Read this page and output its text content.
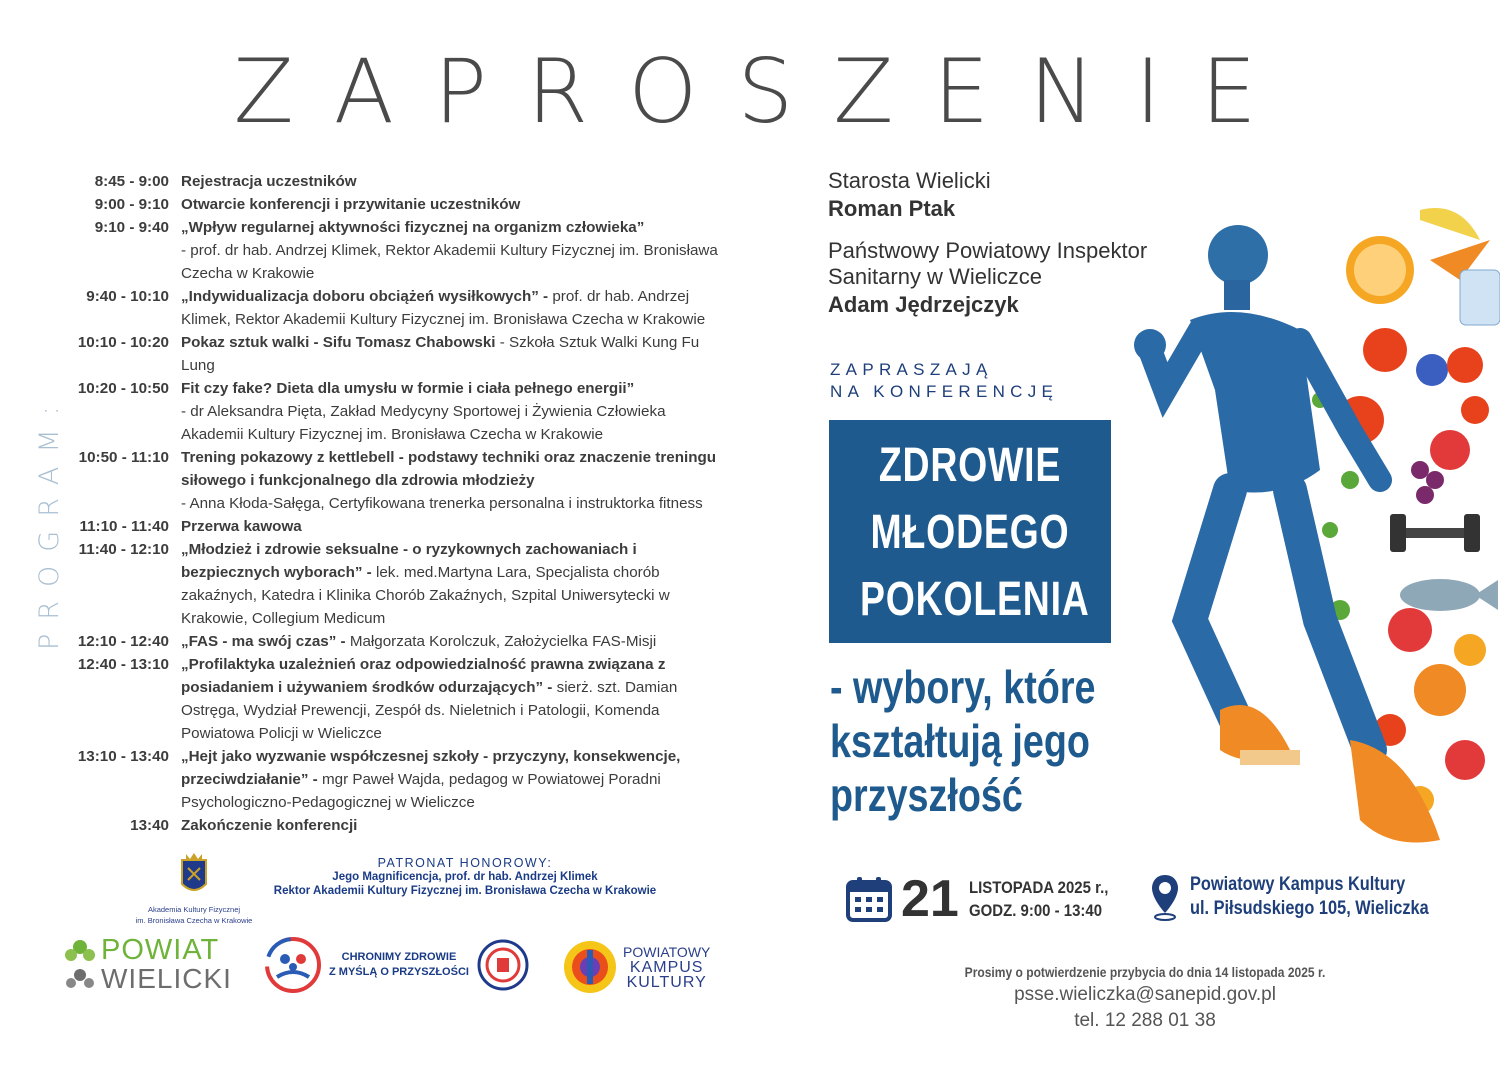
ZAPROSZENIE
PROGRAM:
8:45 - 9:00 Rejestracja uczestników
9:00 - 9:10 Otwarcie konferencji i przywitanie uczestników
9:10 - 9:40 „Wpływ regularnej aktywności fizycznej na organizm człowieka”
- prof. dr hab. Andrzej Klimek, Rektor Akademii Kultury Fizycznej im. Bronisława Czecha w Krakowie
9:40 - 10:10 „Indywidualizacja doboru obciążeń wysiłkowych” - prof. dr hab. Andrzej Klimek, Rektor Akademii Kultury Fizycznej im. Bronisława Czecha w Krakowie
10:10 - 10:20 Pokaz sztuk walki - Sifu Tomasz Chabowski - Szkoła Sztuk Walki Kung Fu Lung
10:20 - 10:50 Fit czy fake? Dieta dla umysłu w formie i ciała pełnego energii”
- dr Aleksandra Pięta, Zakład Medycyny Sportowej i Żywienia Człowieka Akademii Kultury Fizycznej im. Bronisława Czecha w Krakowie
10:50 - 11:10 Trening pokazowy z kettlebell - podstawy techniki oraz znaczenie treningu siłowego i funkcjonalnego dla zdrowia młodzieży
- Anna Kłoda-Sałęga, Certyfikowana trenerka personalna i instruktorka fitness
11:10 - 11:40 Przerwa kawowa
11:40 - 12:10 „Młodzież i zdrowie seksualne - o ryzykownych zachowaniach i bezpiecznych wyborach” - lek. med.Martyna Lara, Specjalista chorób zakaźnych, Katedra i Klinika Chorób Zakaźnych, Szpital Uniwersytecki w Krakowie, Collegium Medicum
12:10 - 12:40 „FAS - ma swój czas” - Małgorzata Korolczuk, Założycielka FAS-Misji
12:40 - 13:10 „Profilaktyka uzależnień oraz odpowiedzialność prawna związana z posiadaniem i używaniem środków odurzających” - sierż. szt. Damian Ostręga, Wydział Prewencji, Zespół ds. Nieletnich i Patologii, Komenda Powiatowa Policji w Wieliczce
13:10 - 13:40 „Hejt jako wyzwanie współczesnej szkoły - przyczyny, konsekwencje, przeciwdziałanie” - mgr Paweł Wajda, pedagog w Powiatowej Poradni Psychologiczno-Pedagogicznej w Wieliczce
13:40 Zakończenie konferencji
Akademia Kultury Fizycznej
im. Bronisława Czecha w Krakowie
PATRONAT HONOROWY:
Jego Magnificencja, prof. dr hab. Andrzej Klimek
Rektor Akademii Kultury Fizycznej im. Bronisława Czecha w Krakowie
POWIAT
WIELICKI
CHRONIMY ZDROWIE
Z MYŚLĄ O PRZYSZŁOŚCI
POWIATOWY
KAMPUS
KULTURY
Starosta Wielicki
Roman Ptak
Państwowy Powiatowy Inspektor
Sanitarny w Wieliczce
Adam Jędrzejczyk
ZAPRASZAJĄ
NA KONFERENCJĘ
ZDROWIE
MŁODEGO
POKOLENIA
- wybory, które
kształtują jego
przyszłość
21 LISTOPADA 2025 r.,
GODZ. 9:00 - 13:40
Powiatowy Kampus Kultury
ul. Piłsudskiego 105, Wieliczka
Prosimy o potwierdzenie przybycia do dnia 14 listopada 2025 r.
psse.wieliczka@sanepid.gov.pl
tel. 12 288 01 38
